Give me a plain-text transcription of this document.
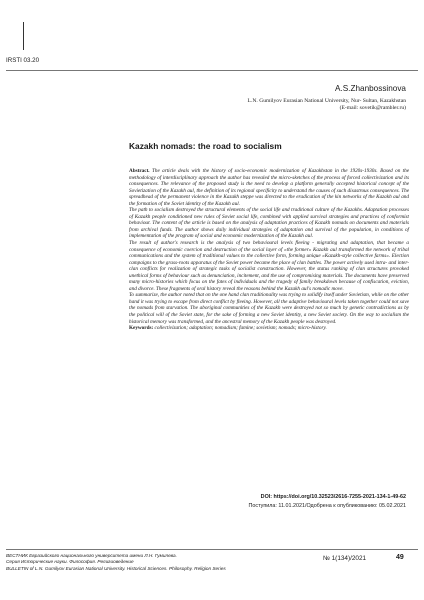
IRSTI 03.20
A.S.Zhanbossinova
L.N. Gumilyov Eurasian National University, Nur- Sultan, Kazakhstan
(E-mail: sovetik@rambler.ru)
Kazakh nomads: the road to socialism

Abstract. The article deals with the history of socio-economic modernization of Kazakhstan in the 1920s-1930s. Based on the methodology of interdisciplinary approach the author has revealed the micro-sketches of the process of forced collectivization and its consequences. The relevance of the proposed study is the need to develop a platform generally accepted historical concept of the Sovietization of the Kazakh aul, the definition of its regional specificity to understand the causes of such disastrous consequences. The spreadhead of the permanent violence in the Kazakh steppe was directed to the eradication of the kin networks of the Kazakh aul and the formation of the Soviet identity of the Kazakh aul.

The path to socialism destroyed the structural elements of the social life and traditional culture of the Kazakhs. Adaptation processes of Kazakh people conditioned new rules of Soviet social life, combined with applied survival strategies and practices of conformist behaviour. The content of the article is based on the analysis of adaptation practices of Kazakh nomads on documents and materials from archival funds. The author shows daily individual strategies of adaptation and survival of the population, in conditions of implementation of the program of social and economic modernization of the Kazakh aul.

The result of author's research is the analysis of two behavioural levels fleeing - migrating and adaptation, that became a consequence of economic coercion and destruction of the social layer of «the former» Kazakh aul transformed the network of tribal communications and the system of traditional values to the collective form, forming unique «Kazakh-style collective farms». Election campaigns to the grass-roots apparatus of the Soviet power became the place of clan battles. The power actively used intra- and inter-clan conflicts for realization of strategic tasks of socialist construction. However, the status ranking of clan structures provoked unethical forms of behaviour such as denunciation, incitement, and the use of compromising materials. The documents have preserved many micro-histories which focus on the fates of individuals and the tragedy of family breakdown because of confiscation, eviction, and divorce. These fragments of oral history reveal the reasons behind the Kazakh aul's nomadic move.

To summarize, the author noted that on the one hand clan traditionality was trying to solidify itself under Sovietism, while on the other hand it was trying to escape from direct conflict by fleeing. However, all the adaptive behavioural levels taken together could not save the nomads from starvation. The aboriginal communities of the Kazakh were destroyed not so much by genetic contradictions as by the political will of the Soviet state, for the sake of forming a new Soviet identity, a new Soviet society. On the way to socialism the historical memory was transformed, and the ancestral memory of the Kazakh people was destroyed.

Keywords: collectivization; adaptation; nomadism; famine; sovietism; nomads; micro-history.

DOI: https://doi.org/10.32523/2616-7255-2021-134-1-49-62
Поступила: 11.01.2021/Одобрена к опубликованию: 05.02.2021
ВЕСТНИК Евразийского национального университета имени Л.Н. Гумилева.
Серия Исторические науки. Философия. Религиоведение
BULLETIN of L.N. Gumilyov Eurasian National University. Historical Sciences. Philosophy. Religion Series
№ 1(134)/2021	49
